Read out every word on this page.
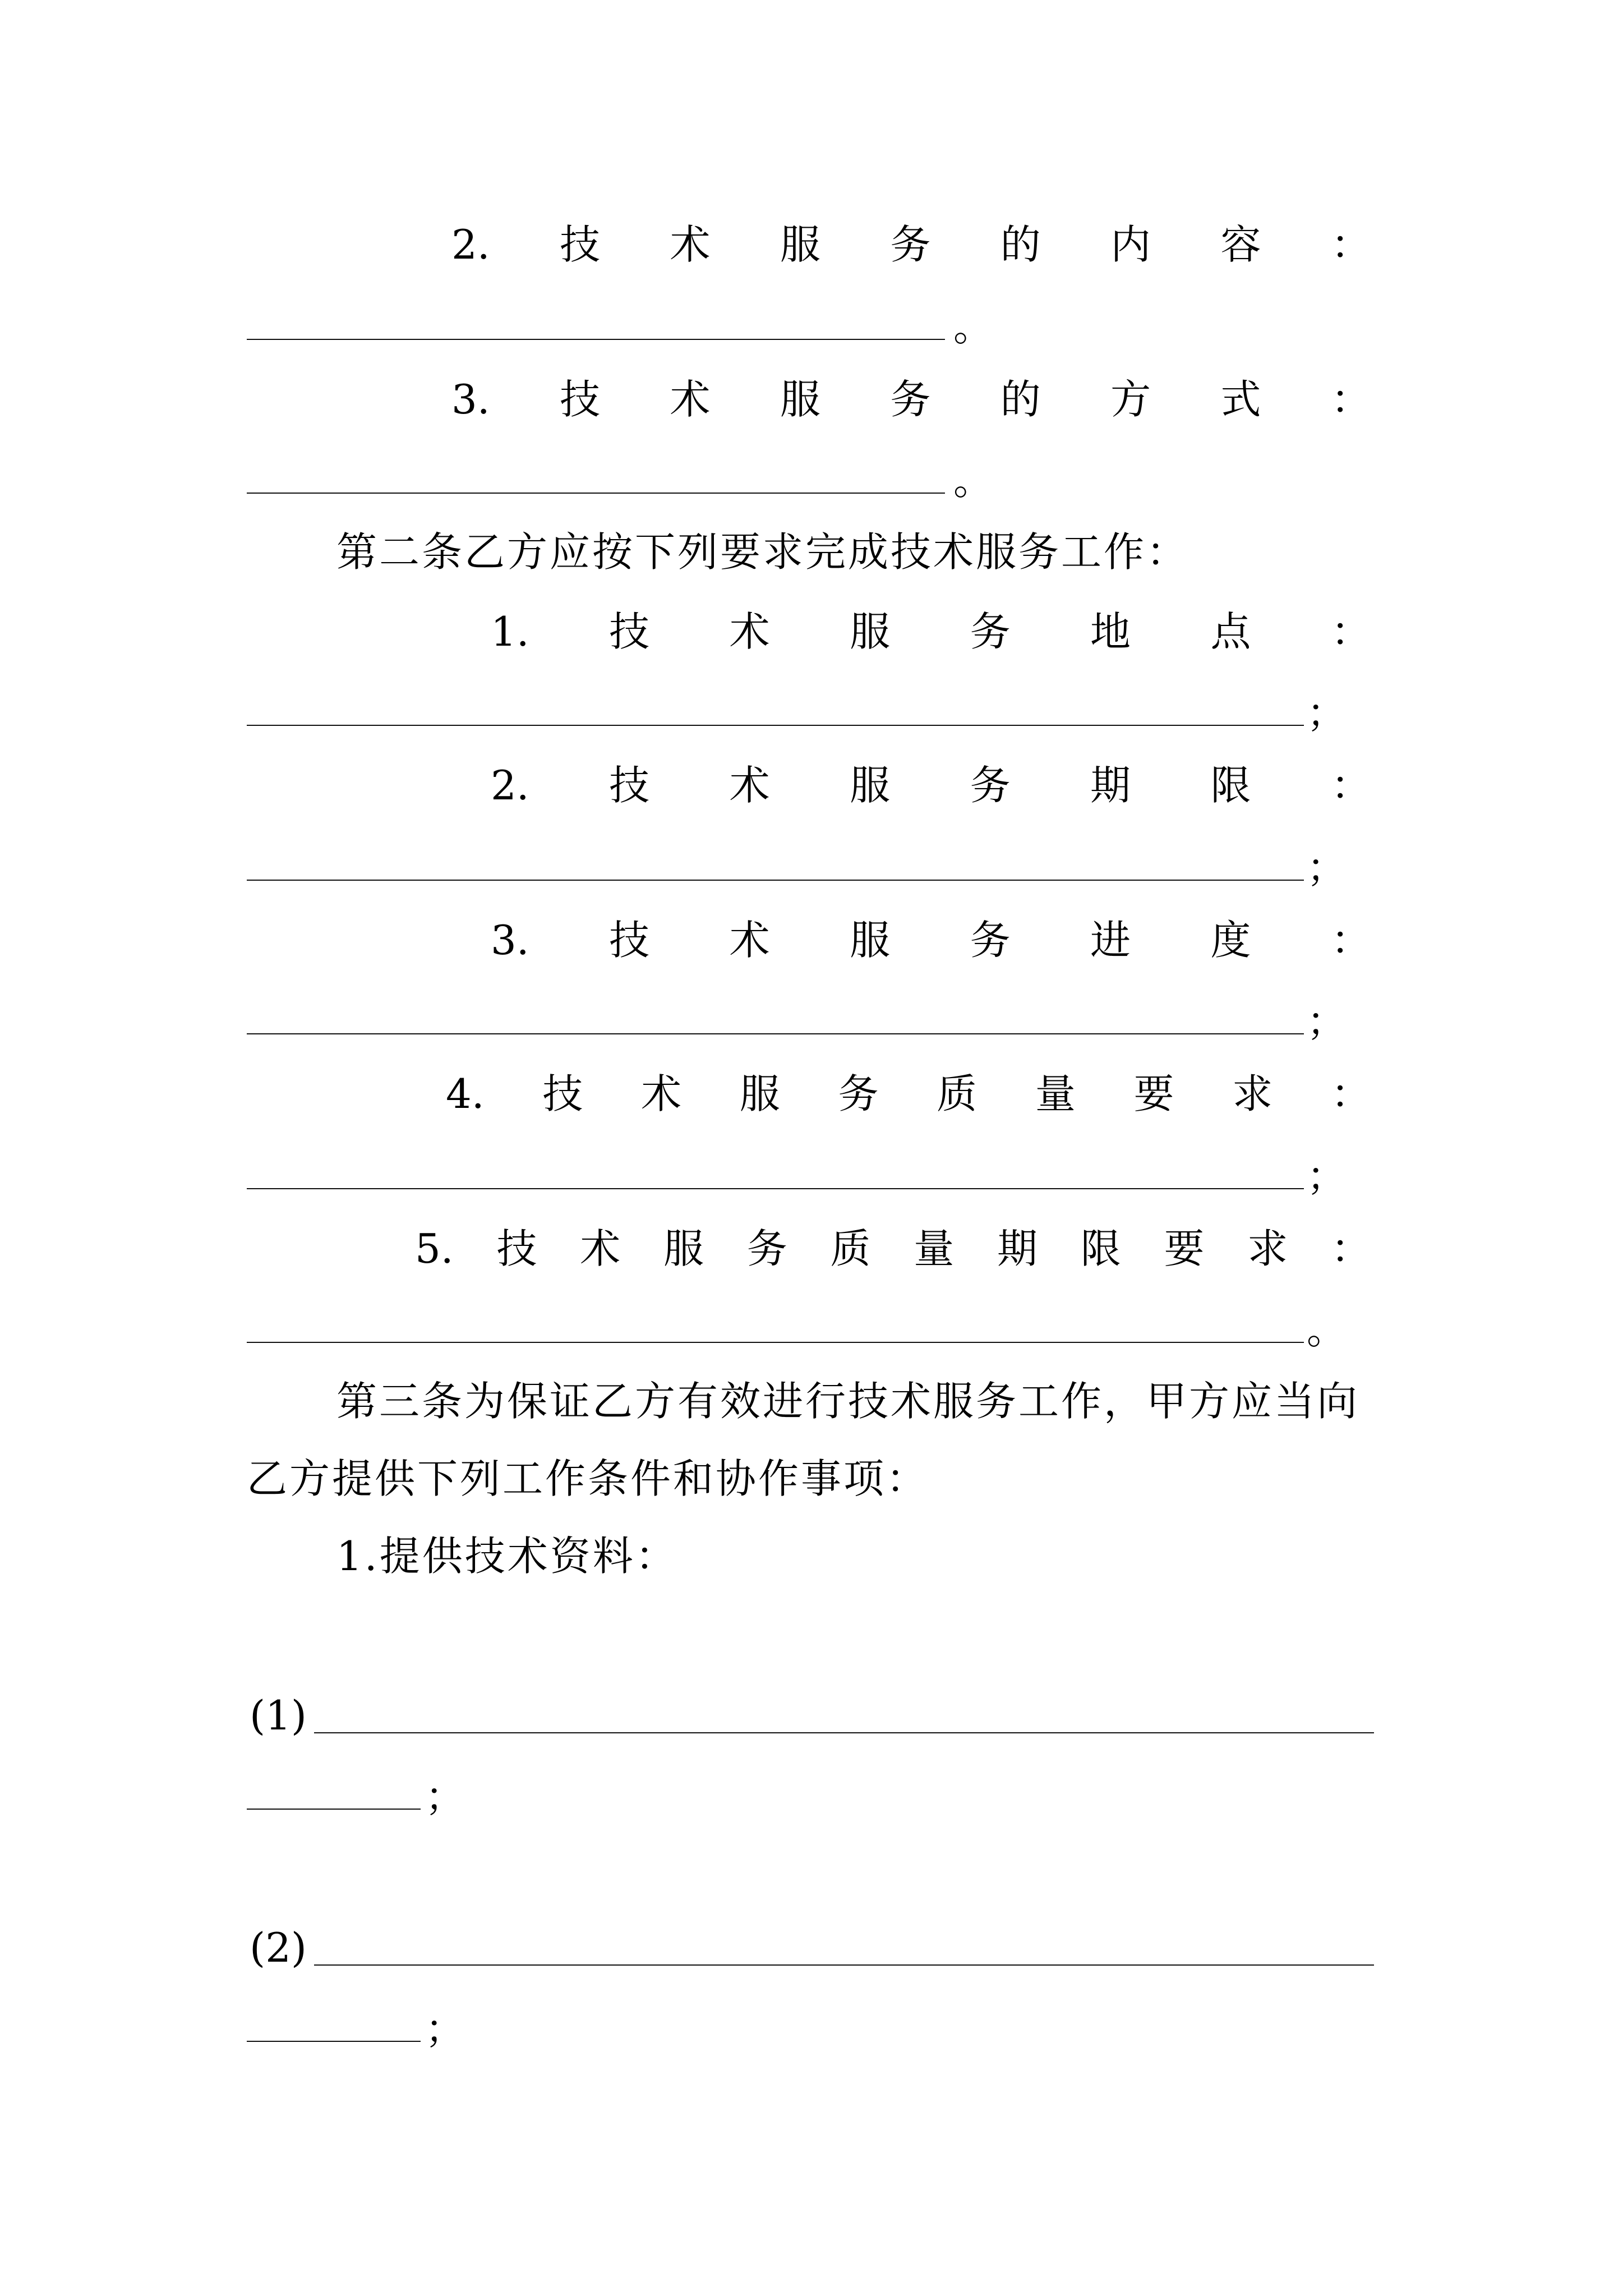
2. 技 术 服 务 的 内 容 ：
。
3. 技 术 服 务 的 方 式 ：
。
第二条乙方应按下列要求完成技术服务工作：
1. 技 术 服 务 地 点 ：
；
2. 技 术 服 务 期 限 ：
；
3. 技 术 服 务 进 度 ：
；
4. 技 术 服 务 质 量 要 求 ：
；
5. 技 术 服 务 质 量 期 限 要 求 ：
。
第三条为保证乙方有效进行技术服务工作，甲方应当向
乙方提供下列工作条件和协作事项：
1.提供技术资料：
(1)
；
(2)
；
